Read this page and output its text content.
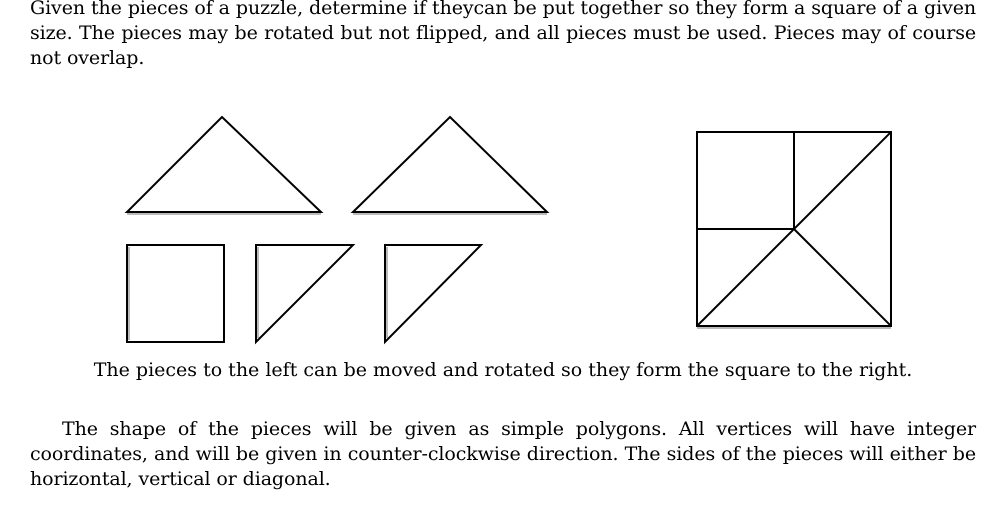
Given the pieces of a puzzle, determine if theycan be put together so they form a square of a given size. The pieces may be rotated but not flipped, and all pieces must be used. Pieces may of course not overlap.

The pieces to the left can be moved and rotated so they form the square to the right.

The shape of the pieces will be given as simple polygons. All vertices will have integer coordinates, and will be given in counter-clockwise direction. The sides of the pieces will either be horizontal, vertical or diagonal.
